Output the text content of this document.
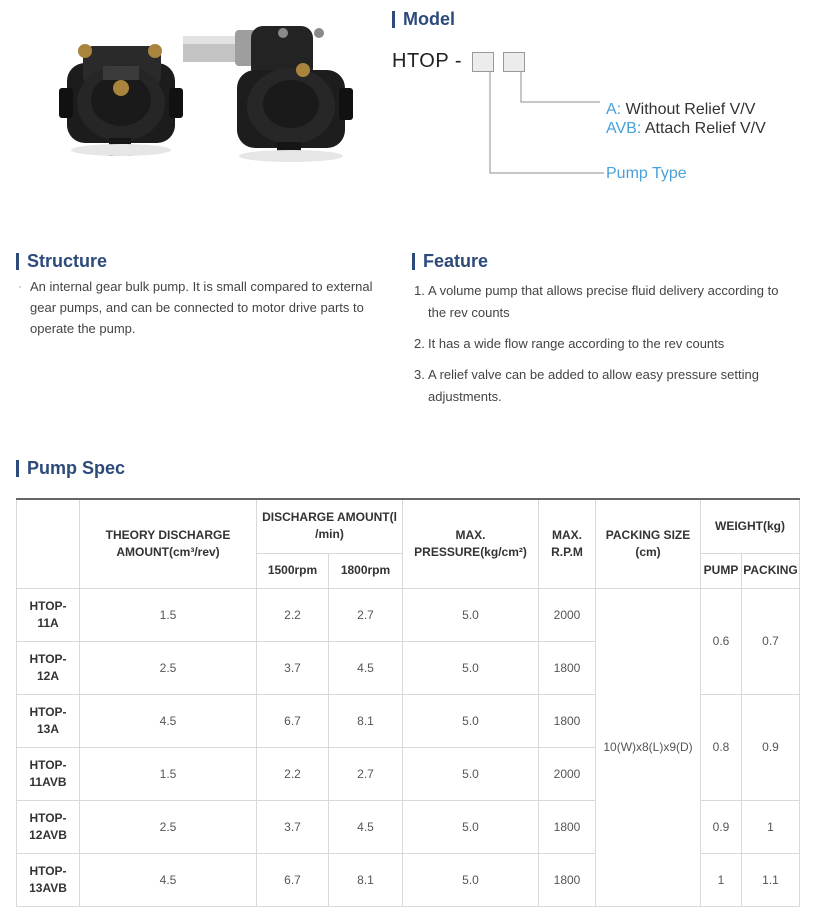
Model
HTOP -
A: Without Relief V/V
AVB: Attach Relief V/V
Pump Type
Structure
· An internal gear bulk pump. It is small compared to external gear pumps, and can be connected to motor drive parts to operate the pump.
Feature
1. A volume pump that allows precise fluid delivery according to the rev counts
2. It has a wide flow range according to the rev counts
3. A relief valve can be added to allow easy pressure setting adjustments.
Pump Spec
	THEORY DISCHARGE AMOUNT(cm³/rev)	DISCHARGE AMOUNT(l /min)		MAX. PRESSURE(kg/cm²)	MAX. R.P.M	PACKING SIZE (cm)	WEIGHT(kg)	
		1500rpm	1800rpm				PUMP	PACKING
HTOP-
11A	1.5	2.2	2.7	5.0	2000	10(W)x8(L)x9(D)	0.6	0.7
HTOP-
12A	2.5	3.7	4.5	5.0	1800			
HTOP-
13A	4.5	6.7	8.1	5.0	1800		0.8	0.9
HTOP-
11AVB	1.5	2.2	2.7	5.0	2000			
HTOP-
12AVB	2.5	3.7	4.5	5.0	1800		0.9	1
HTOP-
13AVB	4.5	6.7	8.1	5.0	1800		1	1.1
